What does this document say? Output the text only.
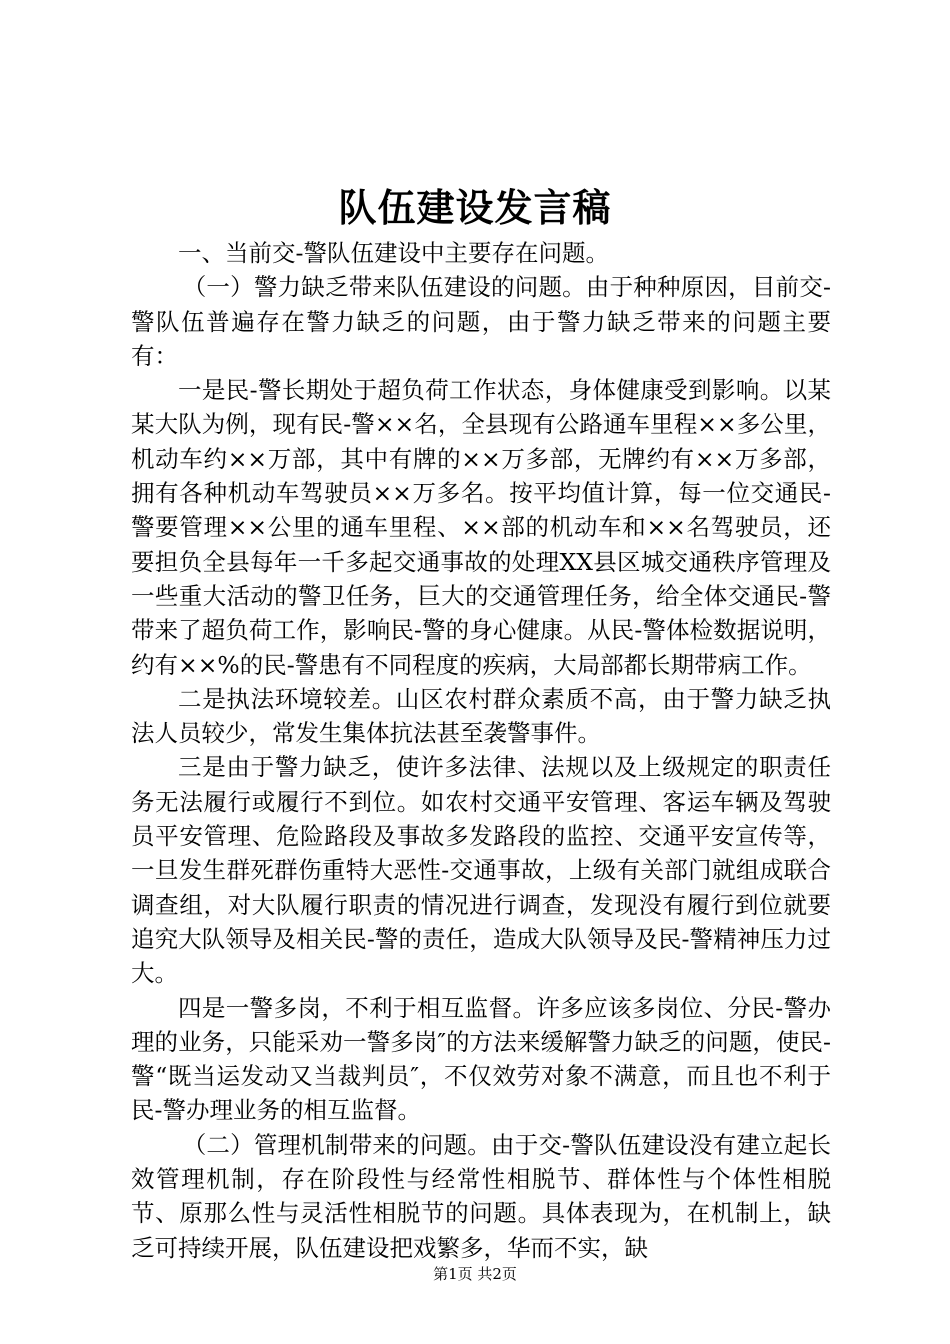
队伍建设发言稿

一、当前交-警队伍建设中主要存在问题。

（一）警力缺乏带来队伍建设的问题。由于种种原因，目前交-警队伍普遍存在警力缺乏的问题，由于警力缺乏带来的问题主要有：

一是民-警长期处于超负荷工作状态，身体健康受到影响。以某某大队为例，现有民-警××名，全县现有公路通车里程××多公里，机动车约××万部，其中有牌的××万多部，无牌约有××万多部，拥有各种机动车驾驶员××万多名。按平均值计算，每一位交通民-警要管理××公里的通车里程、××部的机动车和××名驾驶员，还要担负全县每年一千多起交通事故的处理XX县区城交通秩序管理及一些重大活动的警卫任务，巨大的交通管理任务，给全体交通民-警带来了超负荷工作，影响民-警的身心健康。从民-警体检数据说明，约有××%的民-警患有不同程度的疾病，大局部都长期带病工作。

二是执法环境较差。山区农村群众素质不高，由于警力缺乏执法人员较少，常发生集体抗法甚至袭警事件。

三是由于警力缺乏，使许多法律、法规以及上级规定的职责任务无法履行或履行不到位。如农村交通平安管理、客运车辆及驾驶员平安管理、危险路段及事故多发路段的监控、交通平安宣传等，一旦发生群死群伤重特大恶性-交通事故，上级有关部门就组成联合调查组，对大队履行职责的情况进行调查，发现没有履行到位就要追究大队领导及相关民-警的责任，造成大队领导及民-警精神压力过大。

四是一警多岗，不利于相互监督。许多应该多岗位、分民-警办理的业务，只能采劝一警多岗″的方法来缓解警力缺乏的问题，使民-警“既当运发动又当裁判员″，不仅效劳对象不满意，而且也不利于民-警办理业务的相互监督。

（二）管理机制带来的问题。由于交-警队伍建设没有建立起长效管理机制，存在阶段性与经常性相脱节、群体性与个体性相脱节、原那么性与灵活性相脱节的问题。具体表现为，在机制上，缺乏可持续开展，队伍建设把戏繁多，华而不实，缺

第1页 共2页
